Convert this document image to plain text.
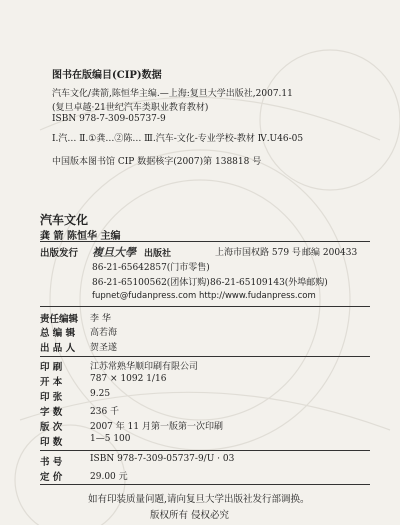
图书在版编目(CIP)数据
汽车文化/龚箭,陈恒华主编.—上海:复旦大学出版社,2007.11
(复旦卓越·21世纪汽车类职业教育教材)
ISBN 978-7-309-05737-9
Ⅰ.汽… Ⅱ.①龚…②陈… Ⅲ.汽车-文化-专业学校-教材 Ⅳ.U46-05
中国版本图书馆 CIP 数据核字(2007)第 138818 号
汽车文化
龚 箭 陈恒华 主编
出版发行 複旦大學 出版社	上海市国权路 579 号 邮编 200433
86-21-65642857(门市零售)
86-21-65100562(团体订购) 86-21-65109143(外埠邮购)
fupnet@fudanpress.com http://www.fudanpress.com
责任编辑 李 华
总 编 辑 高若海
出 品 人 贺圣遂
印 刷	江苏常熟华顺印刷有限公司
开 本	787 × 1092 1/16
印 张	9.25
字 数	236 千
版 次	2007 年 11 月第一版第一次印刷
印 数	1—5 100
书 号	ISBN 978-7-309-05737-9/U · 03
定 价	29.00 元
如有印装质量问题,请向复旦大学出版社发行部调换。
版权所有 侵权必究
